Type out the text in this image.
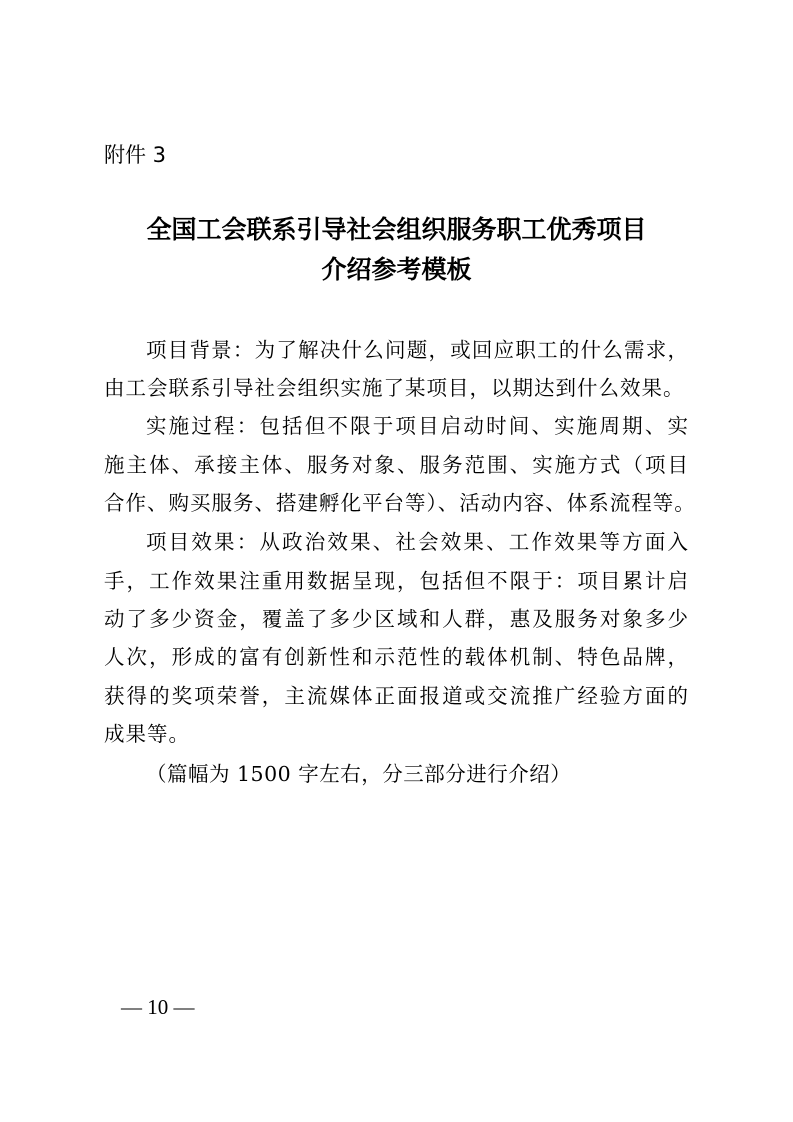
附件 3

全国工会联系引导社会组织服务职工优秀项目
介绍参考模板

项目背景：为了解决什么问题，或回应职工的什么需求，

由工会联系引导社会组织实施了某项目，以期达到什么效果。

实施过程：包括但不限于项目启动时间、实施周期、实

施主体、承接主体、服务对象、服务范围、实施方式（项目

合作、购买服务、搭建孵化平台等）、活动内容、体系流程等。

项目效果：从政治效果、社会效果、工作效果等方面入

手，工作效果注重用数据呈现，包括但不限于：项目累计启

动了多少资金，覆盖了多少区域和人群，惠及服务对象多少

人次，形成的富有创新性和示范性的载体机制、特色品牌，

获得的奖项荣誉，主流媒体正面报道或交流推广经验方面的

成果等。

（篇幅为 1500 字左右，分三部分进行介绍）

— 10 —
